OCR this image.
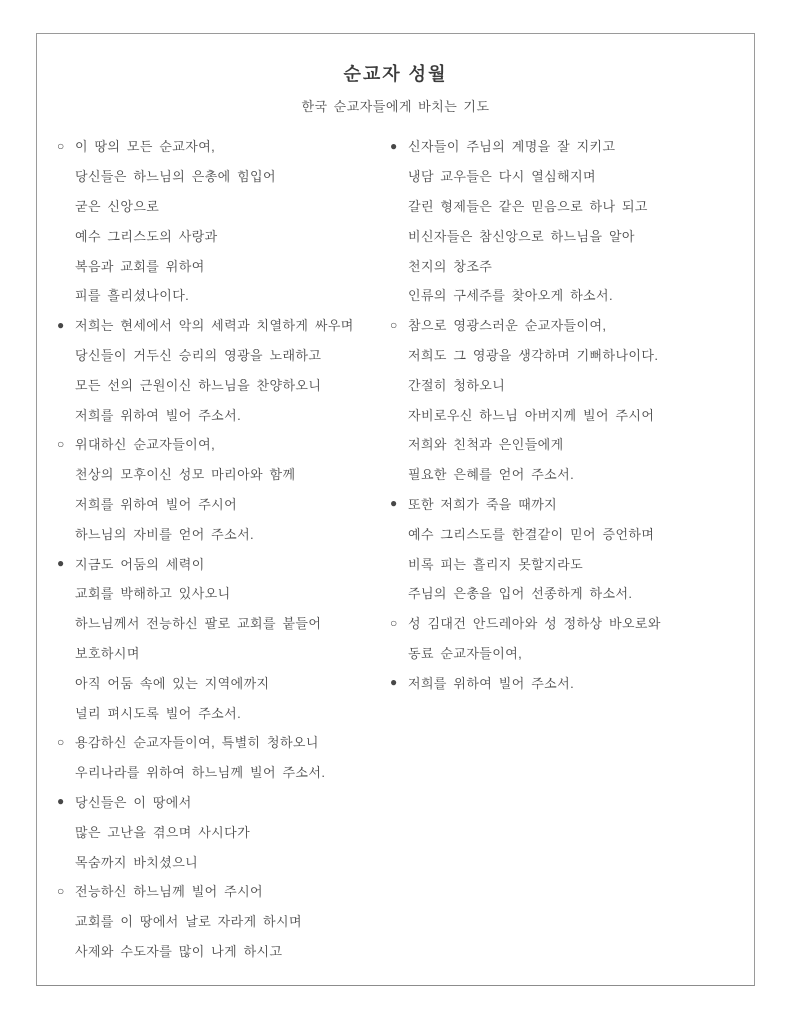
순교자 성월
한국 순교자들에게 바치는 기도
○ 이 땅의 모든 순교자여,
당신들은 하느님의 은총에 힘입어
굳은 신앙으로
예수 그리스도의 사랑과
복음과 교회를 위하여
피를 흘리셨나이다.
● 저희는 현세에서 악의 세력과 치열하게 싸우며
당신들이 거두신 승리의 영광을 노래하고
모든 선의 근원이신 하느님을 찬양하오니
저희를 위하여 빌어 주소서.
○ 위대하신 순교자들이여,
천상의 모후이신 성모 마리아와 함께
저희를 위하여 빌어 주시어
하느님의 자비를 얻어 주소서.
● 지금도 어둠의 세력이
교회를 박해하고 있사오니
하느님께서 전능하신 팔로 교회를 붙들어
보호하시며
아직 어둠 속에 있는 지역에까지
널리 펴시도록 빌어 주소서.
○ 용감하신 순교자들이여, 특별히 청하오니
우리나라를 위하여 하느님께 빌어 주소서.
● 당신들은 이 땅에서
많은 고난을 겪으며 사시다가
목숨까지 바치셨으니
○ 전능하신 하느님께 빌어 주시어
교회를 이 땅에서 날로 자라게 하시며
사제와 수도자를 많이 나게 하시고
● 신자들이 주님의 계명을 잘 지키고
냉담 교우들은 다시 열심해지며
갈린 형제들은 같은 믿음으로 하나 되고
비신자들은 참신앙으로 하느님을 알아
천지의 창조주
인류의 구세주를 찾아오게 하소서.
○ 참으로 영광스러운 순교자들이여,
저희도 그 영광을 생각하며 기뻐하나이다.
간절히 청하오니
자비로우신 하느님 아버지께 빌어 주시어
저희와 친척과 은인들에게
필요한 은혜를 얻어 주소서.
● 또한 저희가 죽을 때까지
예수 그리스도를 한결같이 믿어 증언하며
비록 피는 흘리지 못할지라도
주님의 은총을 입어 선종하게 하소서.
○ 성 김대건 안드레아와 성 정하상 바오로와
동료 순교자들이여,
● 저희를 위하여 빌어 주소서.
